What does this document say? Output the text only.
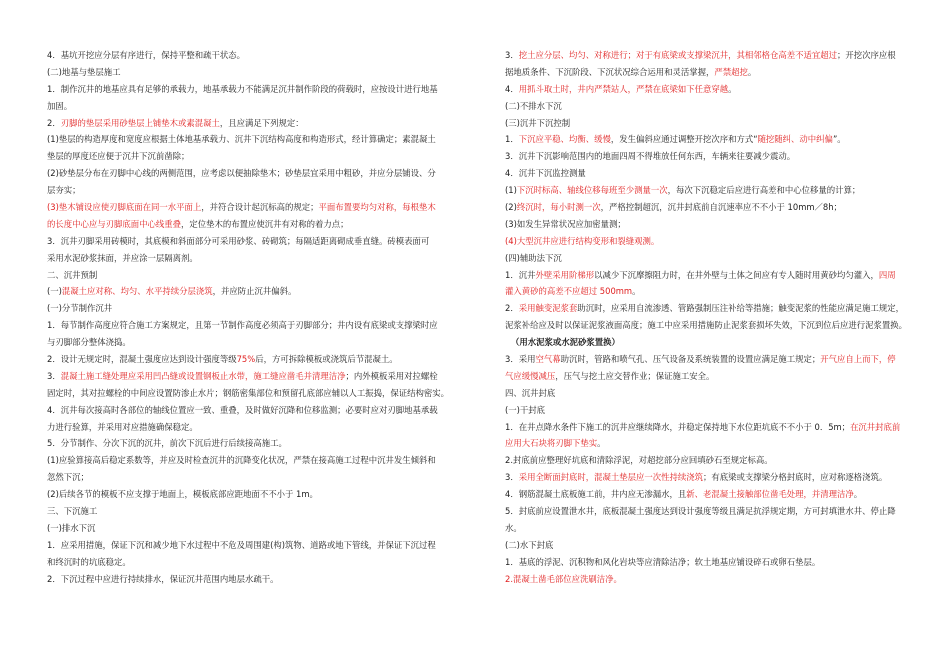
4．基坑开挖应分层有序进行，保持平整和疏干状态。
(二)地基与垫层施工
1．制作沉井的地基应具有足够的承载力，地基承载力不能满足沉井制作阶段的荷载时，应按设计进行地基
加固。
2．刃脚的垫层采用砂垫层上铺垫木或素混凝土，且应满足下列规定：
(1)垫层的构造厚度和宽度应根据土体地基承载力、沉井下沉结构高度和构造形式，经计算确定；素混凝土
垫层的厚度还应便于沉井下沉前凿除；
(2)砂垫层分布在刃脚中心线的两侧范围，应考虑以便抽除垫木；砂垫层宜采用中粗砂，并应分层铺设、分
层夯实；
(3)垫木铺设应使刃脚底面在同一水平面上，并符合设计起沉标高的规定；平面布置要均匀对称，每根垫木
的长度中心应与刃脚底面中心线重叠，定位垫木的布置应使沉井有对称的着力点；
3．沉井刃脚采用砖模时，其底模和斜面部分可采用砂浆、砖砌筑；每隔适距离砌成垂直缝。砖模表面可
采用水泥砂浆抹面，并应涂一层隔离剂。
二、沉井预制
(一)混凝土应对称、均匀、水平持续分层浇筑，并应防止沉井偏斜。
(一)分节制作沉井
1．每节制作高度应符合施工方案规定，且第一节制作高度必须高于刃脚部分；井内设有底梁或支撑梁时应
与刃脚部分整体浇捣。
2．设计无规定时，混凝土强度应达到设计强度等级75%后，方可拆除模板或浇筑后节混凝土。
3．混凝土施工缝处理应采用凹凸缝或设置钢板止水带，施工缝应凿毛并清理洁净；内外模板采用对拉螺栓
固定时，其对拉螺栓的中间应设置防渗止水片；钢筋密集部位和预留孔底部应辅以人工振捣，保证结构密实。
4．沉井每次接高时各部位的轴线位置应一致、重叠，及时做好沉降和位移监测；必要时应对刃脚地基承载
力进行验算，并采用对应措施确保稳定。
5．分节制作、分次下沉的沉井，前次下沉后进行后续接高施工。
(1)应验算接高后稳定系数等，并应及时检查沉井的沉降变化状况，严禁在接高施工过程中沉井发生倾斜和
忽然下沉；
(2)后续各节的模板不应支撑于地面上，模板底部应距地面不不小于 1m。
三、下沉施工
(一)排水下沉
1．应采用措施，保证下沉和减少地下水过程中不危及周围建(构)筑物、道路或地下管线，并保证下沉过程
和终沉时的坑底稳定。
2．下沉过程中应进行持续排水，保证沉井范围内地层水疏干。
3．挖土应分层、均匀、对称进行；对于有底梁或支撑梁沉井，其相邻格仓高差不适宜超过；开挖次序应根
据地质条件、下沉阶段、下沉状况综合运用和灵活掌握，严禁超挖。
4．用抓斗取土时，井内严禁站人，严禁在底梁如下任意穿越。
(二)不排水下沉
(三)沉井下沉控制
1．下沉应平稳、均衡、缓慢，发生偏斜应通过调整开挖次序和方式“随挖随纠、动中纠偏”。
3．沉井下沉影响范围内的地面四周不得堆放任何东西，车辆来往要减少震动。
4．沉井下沉监控测量
(1)下沉时标高、轴线位移每班至少测量一次，每次下沉稳定后应进行高差和中心位移量的计算；
(2)终沉时，每小时测一次，严格控制超沉，沉井封底前自沉速率应不不小于 10mm／8h；
(3)如发生异常状况应加密量测；
(4)大型沉井应进行结构变形和裂缝观测。
(四)辅助法下沉
1．沉井外壁采用阶梯形以减少下沉摩擦阻力时，在井外壁与土体之间应有专人随时用黄砂均匀灌入，四周
灌入黄砂的高差不应超过 500mm。
2．采用触变泥浆套助沉时，应采用自流渗透、管路强制压注补给等措施；触变泥浆的性能应满足施工规定，
泥浆补给应及时以保证泥浆液面高度；施工中应采用措施防止泥浆套损坏失效，下沉到位后应进行泥浆置换。
（用水泥浆或水泥砂浆置换）
3．采用空气幕助沉时，管路和喷气孔、压气设备及系统装置的设置应满足施工规定；开气应自上而下，停
气应缓慢减压，压气与挖土应交替作业；保证施工安全。
四、沉井封底
(一)干封底
1．在井点降水条件下施工的沉井应继续降水，并稳定保持地下水位距坑底不不小于 0．5m；在沉井封底前
应用大石块将刃脚下垫实。
2.封底前应整理好坑底和清除浮泥，对超挖部分应回填砂石至规定标高。
3．采用全断面封底时，混凝土垫层应一次性持续浇筑；有底梁或支撑梁分格封底时，应对称逐格浇筑。
4．钢筋混凝土底板施工前，井内应无渗漏水，且新、老混凝土接触部位凿毛处理，并清理洁净。
5．封底前应设置泄水井，底板混凝土强度达到设计强度等级且满足抗浮规定期，方可封填泄水井、停止降
水。
(二)水下封底
1．基底的浮泥、沉积物和风化岩块等应清除洁净；软土地基应铺设碎石或卵石垫层。
2.混凝土凿毛部位应洗刷洁净。
